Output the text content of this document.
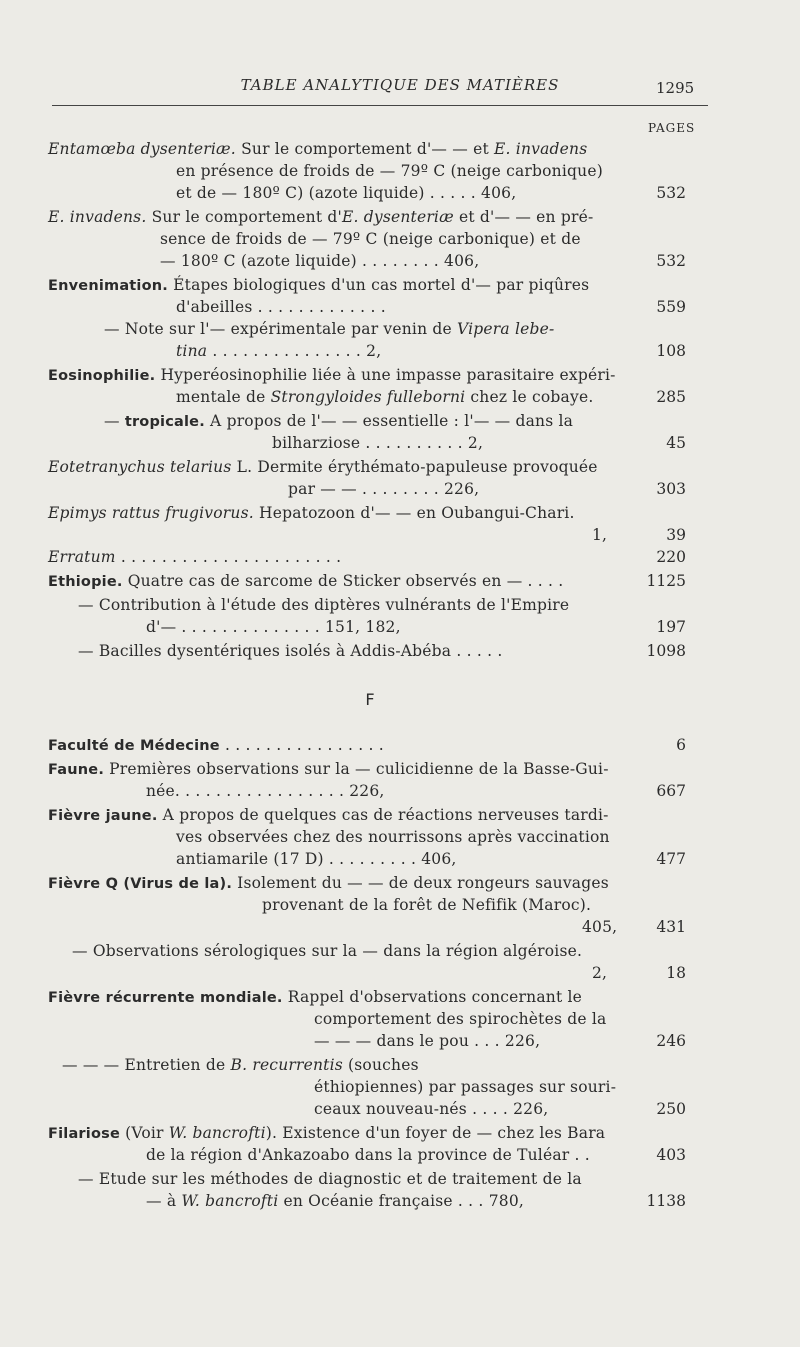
TABLE ANALYTIQUE DES MATIÈRES	1295
PAGES
F
Entamœba dysenteriæ. Sur le comportement d'— — et E. invadens
en présence de froids de — 79º C (neige carbonique)
et de — 180º C) (azote liquide) . . . . . 406,	532
E. invadens. Sur le comportement d'E. dysenteriæ et d'— — en pré-
sence de froids de — 79º C (neige carbonique) et de
— 180º C (azote liquide) . . . . . . . . 406,	532
Envenimation. Étapes biologiques d'un cas mortel d'— par piqûres
d'abeilles . . . . . . . . . . . . .	559
— Note sur l'— expérimentale par venin de Vipera lebe-
tina . . . . . . . . . . . . . . . 2,	108
Eosinophilie. Hyperéosinophilie liée à une impasse parasitaire expéri-
mentale de Strongyloides fulleborni chez le cobaye.	285
— tropicale. A propos de l'— — essentielle : l'— — dans la
bilharziose . . . . . . . . . . 2,	45
Eotetranychus telarius L. Dermite érythémato-papuleuse provoquée
par — — . . . . . . . . 226,	303
Epimys rattus frugivorus. Hepatozoon d'— — en Oubangui-Chari.
1,	39
Erratum . . . . . . . . . . . . . . . . . . . . . .	220
Ethiopie. Quatre cas de sarcome de Sticker observés en — . . . .	1125
— Contribution à l'étude des diptères vulnérants de l'Empire
d'— . . . . . . . . . . . . . . 151, 182,	197
— Bacilles dysentériques isolés à Addis-Abéba . . . . .	1098
Faculté de Médecine . . . . . . . . . . . . . . . .	6
Faune. Premières observations sur la — culicidienne de la Basse-Gui-
née. . . . . . . . . . . . . . . . . 226,	667
Fièvre jaune. A propos de quelques cas de réactions nerveuses tardi-
ves observées chez des nourrissons après vaccination
antiamarile (17 D) . . . . . . . . . 406,	477
Fièvre Q (Virus de la). Isolement du — — de deux rongeurs sauvages
provenant de la forêt de Nefifik (Maroc).
405,	431
— Observations sérologiques sur la — dans la région algéroise.
2,	18
Fièvre récurrente mondiale. Rappel d'observations concernant le
comportement des spirochètes de la
— — — dans le pou . . . 226,	246
— — — Entretien de B. recurrentis (souches
éthiopiennes) par passages sur souri-
ceaux nouveau-nés . . . . 226,	250
Filariose (Voir W. bancrofti). Existence d'un foyer de — chez les Bara
de la région d'Ankazoabo dans la province de Tuléar . .	403
— Etude sur les méthodes de diagnostic et de traitement de la
— à W. bancrofti en Océanie française . . . 780,	1138
